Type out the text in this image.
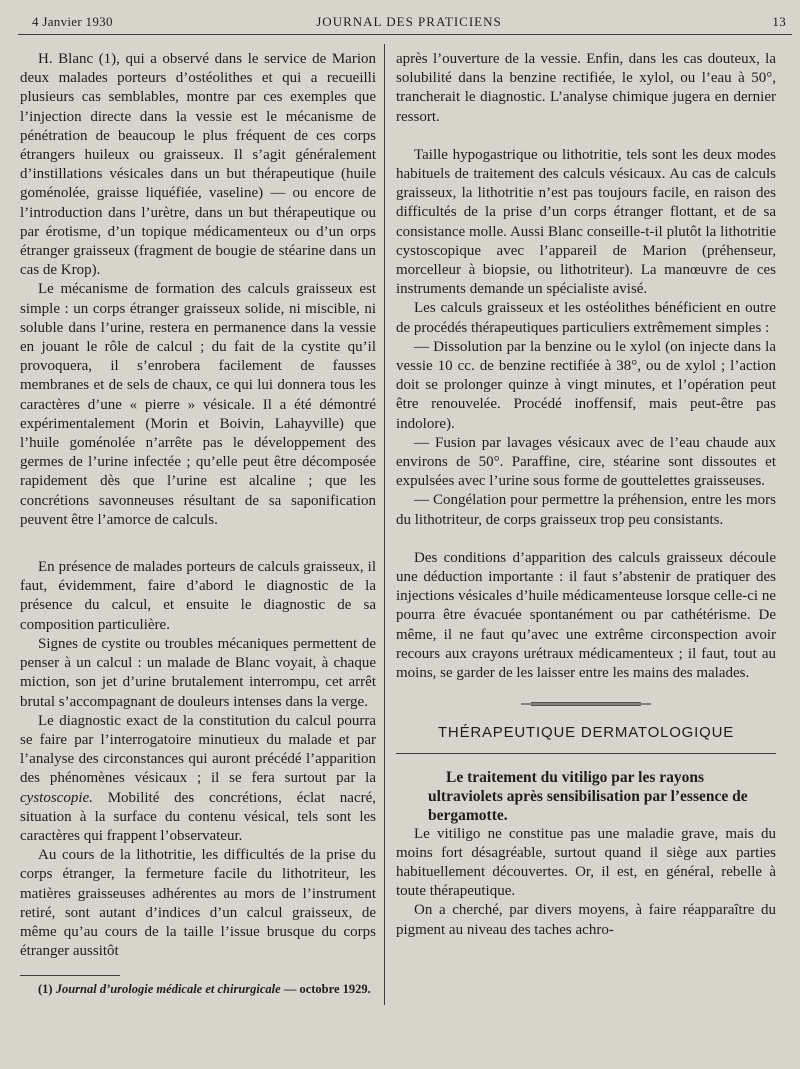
4 Janvier 1930	JOURNAL DES PRATICIENS	13

H. Blanc (1), qui a observé dans le service de Marion deux malades porteurs d’ostéolithes et qui a recueilli plusieurs cas semblables, montre par ces exemples que l’injection directe dans la vessie est le mécanisme de pénétration de beaucoup le plus fréquent de ces corps étrangers huileux ou graisseux. Il s’agit généralement d’instillations vésicales dans un but thérapeutique (huile goménolée, graisse liquéfiée, vaseline) — ou encore de l’introduction dans l’urètre, dans un but thérapeutique ou par érotisme, d’un topique médicamenteux ou d’un orps étranger graisseux (fragment de bougie de stéarine dans un cas de Krop).

Le mécanisme de formation des calculs graisseux est simple : un corps étranger graisseux solide, ni miscible, ni soluble dans l’urine, restera en permanence dans la vessie en jouant le rôle de calcul ; du fait de la cystite qu’il provoquera, il s’enrobera facilement de fausses membranes et de sels de chaux, ce qui lui donnera tous les caractères d’une « pierre » vésicale. Il a été démontré expérimentalement (Morin et Boivin, Lahayville) que l’huile goménolée n’arrête pas le développement des germes de l’urine infectée ; qu’elle peut être décomposée rapidement dès que l’urine est alcaline ; que les concrétions savonneuses résultant de sa saponification peuvent être l’amorce de calculs.

En présence de malades porteurs de calculs graisseux, il faut, évidemment, faire d’abord le diagnostic de la présence du calcul, et ensuite le diagnostic de sa composition particulière.

Signes de cystite ou troubles mécaniques permettent de penser à un calcul : un malade de Blanc voyait, à chaque miction, son jet d’urine brutalement interrompu, cet arrêt brutal s’accompagnant de douleurs intenses dans la verge.

Le diagnostic exact de la constitution du calcul pourra se faire par l’interrogatoire minutieux du malade et par l’analyse des circonstances qui auront précédé l’apparition des phénomènes vésicaux ; il se fera surtout par la cystoscopie. Mobilité des concrétions, éclat nacré, situation à la surface du contenu vésical, tels sont les caractères qui frappent l’observateur.

Au cours de la lithotritie, les difficultés de la prise du corps étranger, la fermeture facile du lithotriteur, les matières graisseuses adhérentes au mors de l’instrument retiré, sont autant d’indices d’un calcul graisseux, de même qu’au cours de la taille l’issue brusque du corps étranger aussitôt

(1) Journal d’urologie médicale et chirurgicale — octobre 1929.

après l’ouverture de la vessie. Enfin, dans les cas douteux, la solubilité dans la benzine rectifiée, le xylol, ou l’eau à 50°, trancherait le diagnostic. L’analyse chimique jugera en dernier ressort.

Taille hypogastrique ou lithotritie, tels sont les deux modes habituels de traitement des calculs vésicaux. Au cas de calculs graisseux, la lithotritie n’est pas toujours facile, en raison des difficultés de la prise d’un corps étranger flottant, et de sa consistance molle. Aussi Blanc conseille-t-il plutôt la lithotritie cystoscopique avec l’appareil de Marion (préhenseur, morcelleur à biopsie, ou lithotriteur). La manœuvre de ces instruments demande un spécialiste avisé.

Les calculs graisseux et les ostéolithes bénéficient en outre de procédés thérapeutiques particuliers extrêmement simples :

— Dissolution par la benzine ou le xylol (on injecte dans la vessie 10 cc. de benzine rectifiée à 38°, ou de xylol ; l’action doit se prolonger quinze à vingt minutes, et l’opération peut être renouvelée. Procédé inoffensif, mais peut-être pas indolore).

— Fusion par lavages vésicaux avec de l’eau chaude aux environs de 50°. Paraffine, cire, stéarine sont dissoutes et expulsées avec l’urine sous forme de gouttelettes graisseuses.

— Congélation pour permettre la préhension, entre les mors du lithotriteur, de corps graisseux trop peu consistants.

Des conditions d’apparition des calculs graisseux découle une déduction importante : il faut s’abstenir de pratiquer des injections vésicales d’huile médicamenteuse lorsque celle-ci ne pourra être évacuée spontanément ou par cathétérisme. De même, il ne faut qu’avec une extrême circonspection avoir recours aux crayons urétraux médicamenteux ; il faut, tout au moins, se garder de les laisser entre les mains des malades.

THÉRAPEUTIQUE DERMATOLOGIQUE

Le traitement du vitiligo par les rayons ultraviolets après sensibilisation par l’essence de bergamotte.

Le vitiligo ne constitue pas une maladie grave, mais du moins fort désagréable, surtout quand il siège aux parties habituellement découvertes. Or, il est, en général, rebelle à toute thérapeutique.

On a cherché, par divers moyens, à faire réapparaître du pigment au niveau des taches achro-
